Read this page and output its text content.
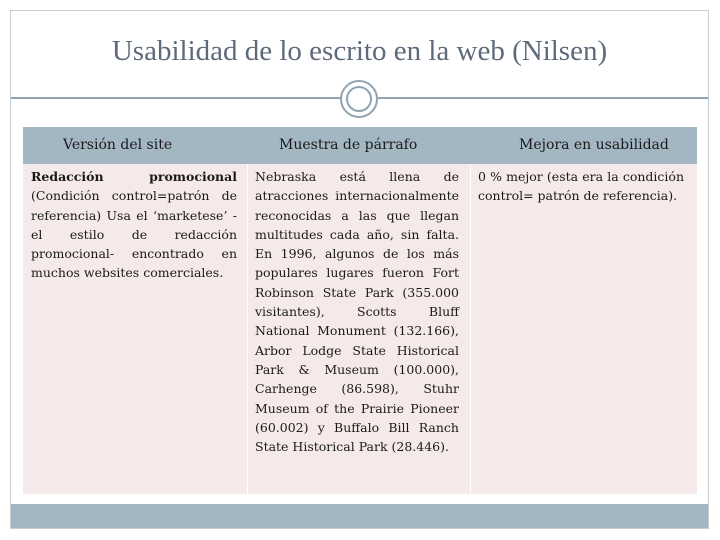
Usabilidad de lo escrito en la web (Nilsen)
Versión del site	Muestra de párrafo	Mejora en usabilidad
Redacción promocional (Condición control=patrón de referencia) Usa el ‘marketese’ -el estilo de redacción promocional- encontrado en muchos websites comerciales.
Nebraska está llena de atracciones internacionalmente reconocidas a las que llegan multitudes cada año, sin falta. En 1996, algunos de los más populares lugares fueron Fort Robinson State Park (355.000 visitantes), Scotts Bluff National Monument (132.166), Arbor Lodge State Historical Park & Museum (100.000), Carhenge (86.598), Stuhr Museum of the Prairie Pioneer (60.002) y Buffalo Bill Ranch State Historical Park (28.446).
0 % mejor (esta era la condición control= patrón de referencia).
